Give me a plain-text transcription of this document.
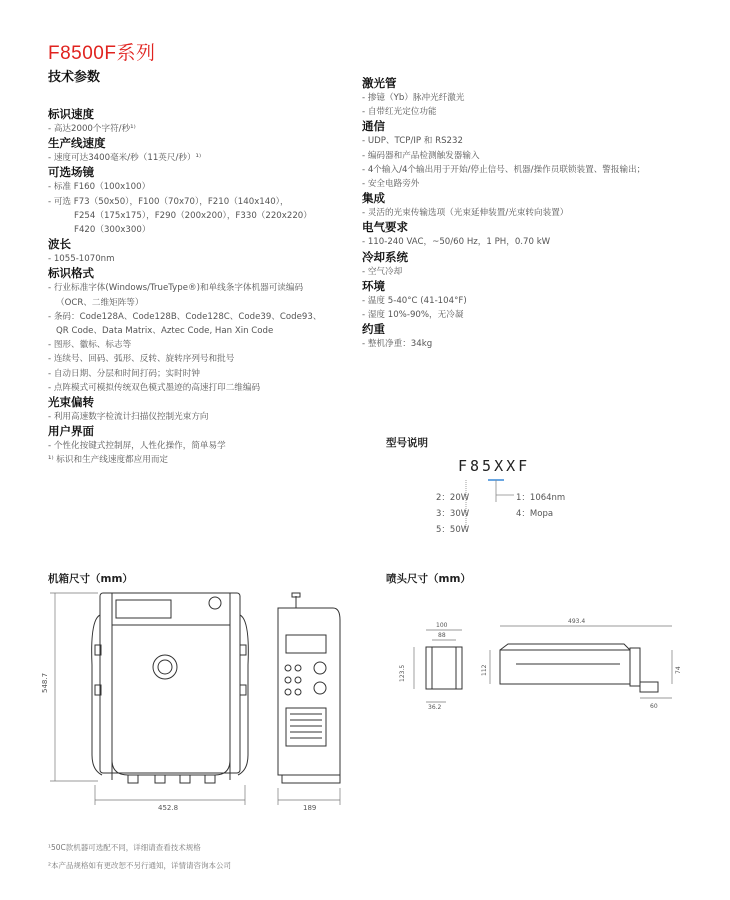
F8500F系列
技术参数

标识速度

- 高达2000个字符/秒¹⁾

生产线速度

- 速度可达3400毫米/秒（11英尺/秒）¹⁾

可选场镜

- 标准 F160（100x100）

- 可选 F73（50x50），F100（70x70），F210（140x140），

F254（175x175），F290（200x200），F330（220x220）

F420（300x300）

波长

- 1055-1070nm

标识格式

- 行业标准字体(Windows/TrueType®)和单线条字体机器可读编码

（OCR、二维矩阵等）

- 条码：Code128A、Code128B、Code128C、Code39、Code93、

QR Code、Data Matrix、Aztec Code, Han Xin Code

- 图形、徽标、标志等

- 连续号、回码、弧形、反转、旋转序列号和批号

- 自动日期、分层和时间打码；实时时钟

- 点阵模式可模拟传统双色模式墨迹的高速打印二维编码

光束偏转

- 利用高速数字检流计扫描仪控制光束方向

用户界面

- 个性化按键式控制屏，人性化操作，简单易学

¹⁾ 标识和生产线速度都应用而定

激光管

- 掺镱（Yb）脉冲光纤激光

- 自带红光定位功能

通信

- UDP、TCP/IP 和 RS232

- 编码器和产品检测触发器输入

- 4个输入/4个输出用于开始/停止信号、机器/操作员联锁装置、警报输出；

- 安全电路旁外

集成

- 灵活的光束传输选项（光束延伸装置/光束转向装置）

电气要求

- 110-240 VAC，~50/60 Hz，1 PH，0.70 kW

冷却系统

- 空气冷却

环境

- 温度 5-40°C (41-104°F)

- 湿度 10%-90%，无冷凝

约重

- 整机净重：34kg

型号说明
F85XXF
2：20W
3：30W
5：50W
1：1064nm
4：Mopa
机箱尺寸（mm）	喷头尺寸（mm）
548.7
452.8	189
100
88
493.4
123.5	112	74
60
36.2
¹50C款机器可选配不同，详细请查看技术规格
²本产品规格如有更改恕不另行通知，详情请咨询本公司
